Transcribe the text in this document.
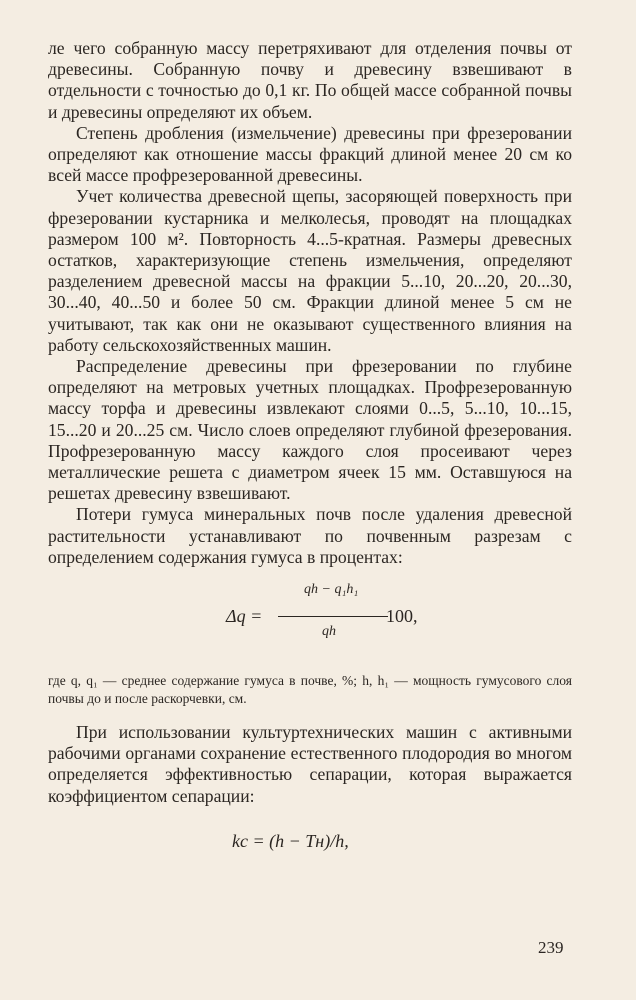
ле чего собранную массу перетряхивают для отделения почвы от древесины. Собранную почву и древесину взвешивают в отдельности с точностью до 0,1 кг. По общей массе собранной почвы и древесины определяют их объем.

Степень дробления (измельчение) древесины при фрезеровании определяют как отношение массы фракций длиной менее 20 см ко всей массе профрезерованной древесины.

Учет количества древесной щепы, засоряющей поверхность при фрезеровании кустарника и мелколесья, проводят на площадках размером 100 м². Повторность 4...5-кратная. Размеры древесных остатков, характеризующие степень измельчения, определяют разделением древесной массы на фракции 5...10, 20...20, 20...30, 30...40, 40...50 и более 50 см. Фракции длиной менее 5 см не учитывают, так как они не оказывают существенного влияния на работу сельскохозяйственных машин.

Распределение древесины при фрезеровании по глубине определяют на метровых учетных площадках. Профрезерованную массу торфа и древесины извлекают слоями 0...5, 5...10, 10...15, 15...20 и 20...25 см. Число слоев определяют глубиной фрезерования. Профрезерованную массу каждого слоя просеивают через металлические решета с диаметром ячеек 15 мм. Оставшуюся на решетах древесину взвешивают.

Потери гумуса минеральных почв после удаления древесной растительности устанавливают по почвенным разрезам с определением содержания гумуса в процентах:

Δq =
qh − q₁h₁
qh
100,

где q, q₁ — среднее содержание гумуса в почве, %; h, h₁ — мощность гумусового слоя почвы до и после раскорчевки, см.

При использовании культуртехнических машин с активными рабочими органами сохранение естественного плодородия во многом определяется эффективностью сепарации, которая выражается коэффициентом сепарации:

kс = (h − Tн)/h,
239
